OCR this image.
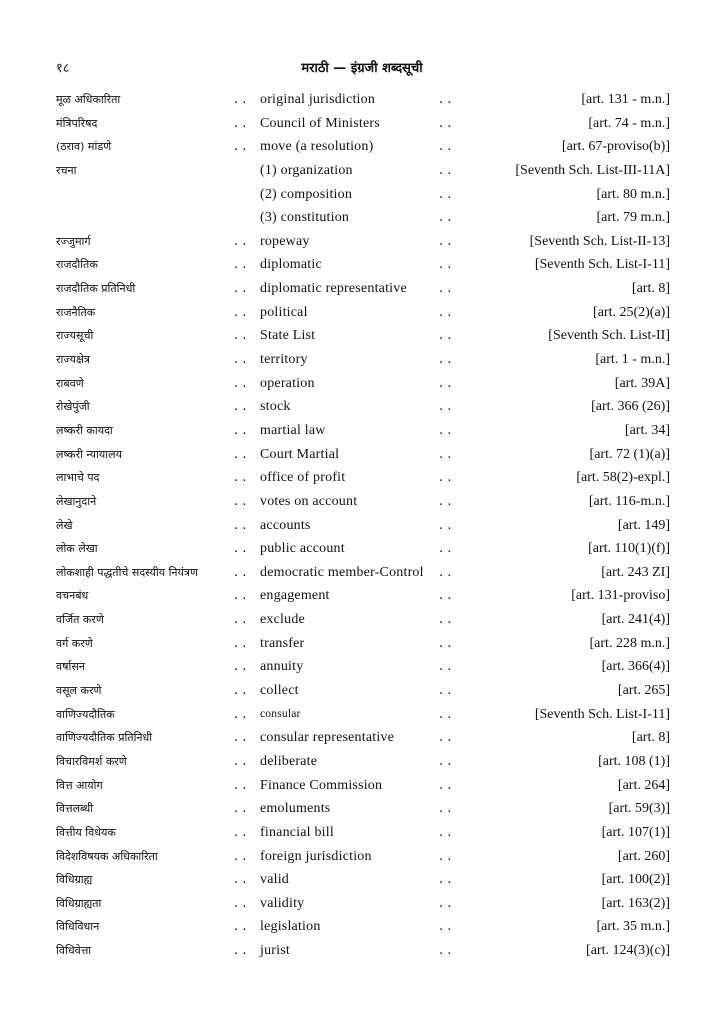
१८	मराठी — इंग्रजी शब्दसूची
मूळ अधिकारिता	. . original jurisdiction	. .	[art. 131 - m.n.]
मंत्रिपरिषद	. . Council of Ministers	. .	[art. 74 - m.n.]
(ठराव) मांडणे	. . move (a resolution)	. .	[art. 67-proviso(b)]
रचना	(1) organization	. .	[Seventh Sch. List-III-11A]
(2) composition	. .	[art. 80 m.n.]
(3) constitution	. .	[art. 79 m.n.]
रज्जुमार्ग	. . ropeway	. .	[Seventh Sch. List-II-13]
राजदौतिक	. . diplomatic	. .	[Seventh Sch. List-I-11]
राजदौतिक प्रतिनिधी	. . diplomatic representative . .	[art. 8]
राजनैतिक	. . political	. .	[art. 25(2)(a)]
राज्यसूची	. . State List	. .	[Seventh Sch. List-II]
राज्यक्षेत्र	. . territory	. .	[art. 1 - m.n.]
राबवणे	. . operation	. .	[art. 39A]
रोखेपुंजी	. . stock	. .	[art. 366 (26)]
लष्करी कायदा	. . martial law	. .	[art. 34]
लष्करी न्यायालय	. . Court Martial	. .	[art. 72 (1)(a)]
लाभाचे पद	. . office of profit	. .	[art. 58(2)-expl.]
लेखानुदाने	. . votes on account	. .	[art. 116-m.n.]
लेखे	. . accounts	. .	[art. 149]
लोक लेखा	. . public account	. .	[art. 110(1)(f)]
लोकशाही पद्धतीचे सदस्यीय नियंत्रण	. . democratic member-Control . .	[art. 243 ZI]
वचनबंध	. . engagement	. .	[art. 131-proviso]
वर्जित करणे	. . exclude	. .	[art. 241(4)]
वर्ग करणे	. . transfer	. .	[art. 228 m.n.]
वर्षासन	. . annuity	. .	[art. 366(4)]
वसूल करणे	. . collect	. .	[art. 265]
वाणिज्यदौतिक	. . consular	. .	[Seventh Sch. List-I-11]
वाणिज्यदौतिक प्रतिनिधी	. . consular representative	. .	[art. 8]
विचारविमर्श करणे	. . deliberate	. .	[art. 108 (1)]
वित्त आयोग	. . Finance Commission	. .	[art. 264]
वित्तलब्धी	. . emoluments	. .	[art. 59(3)]
वित्तीय विधेयक	. . financial bill	. .	[art. 107(1)]
विदेशविषयक अधिकारिता	. . foreign jurisdiction	. .	[art. 260]
विधिग्राह्य	. . valid	. .	[art. 100(2)]
विधिग्राह्यता	. . validity	. .	[art. 163(2)]
विधिविधान	. . legislation	. .	[art. 35 m.n.]
विधिवेत्ता	. . jurist	. .	[art. 124(3)(c)]
